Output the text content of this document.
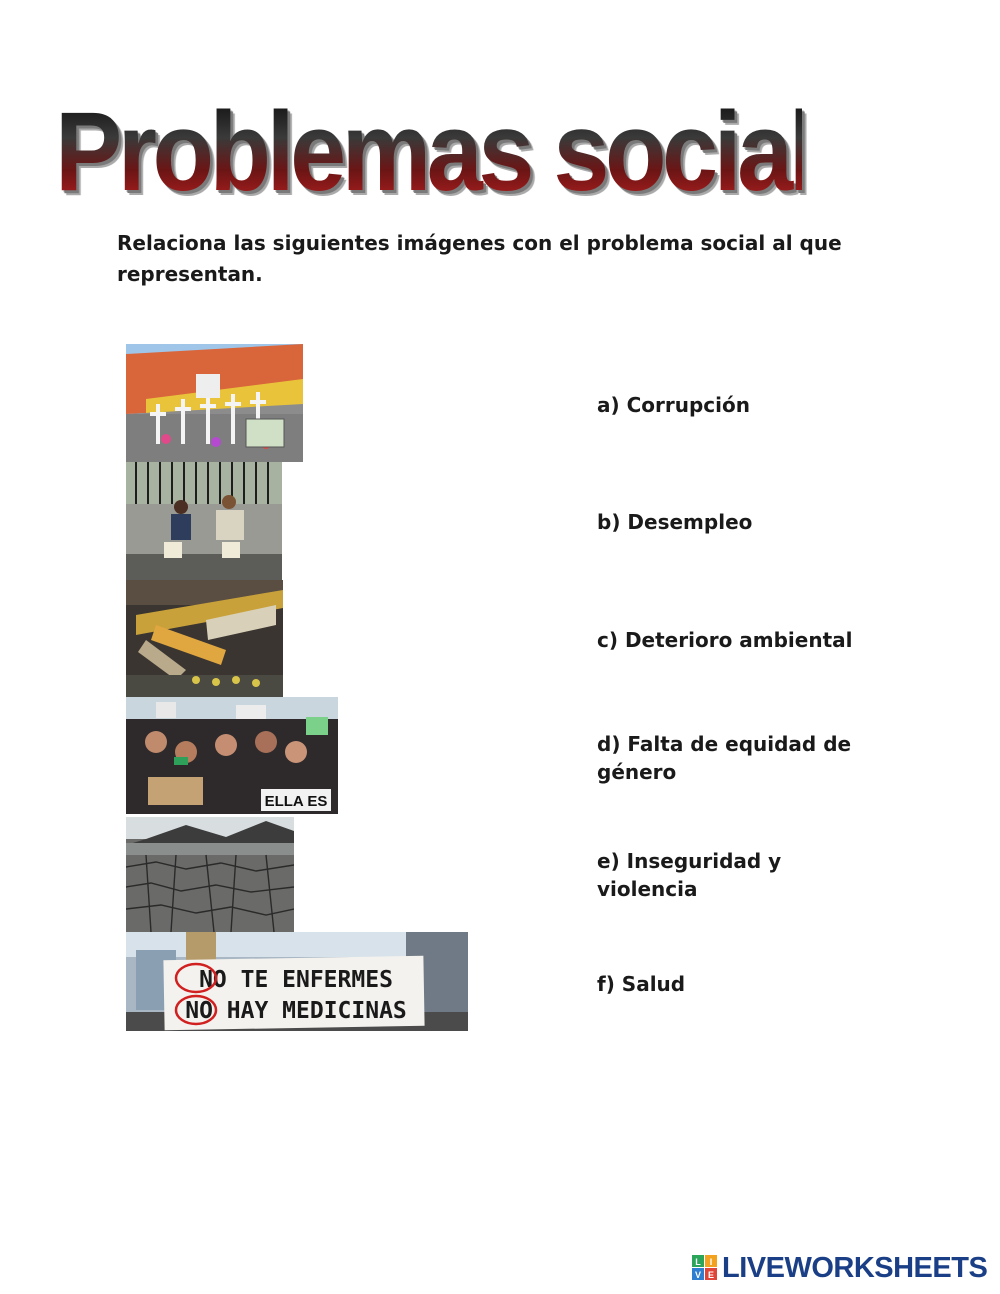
Problemas sociales
Relaciona las siguientes imágenes con el problema social al que representan.
ELLA ES
NO TE ENFERMES
NO HAY MEDICINAS
a) Corrupción
b) Desempleo
c) Deterioro ambiental
d) Falta de equidad de género
e) Inseguridad y violencia
f) Salud
L I
V E LIVEWORKSHEETS
